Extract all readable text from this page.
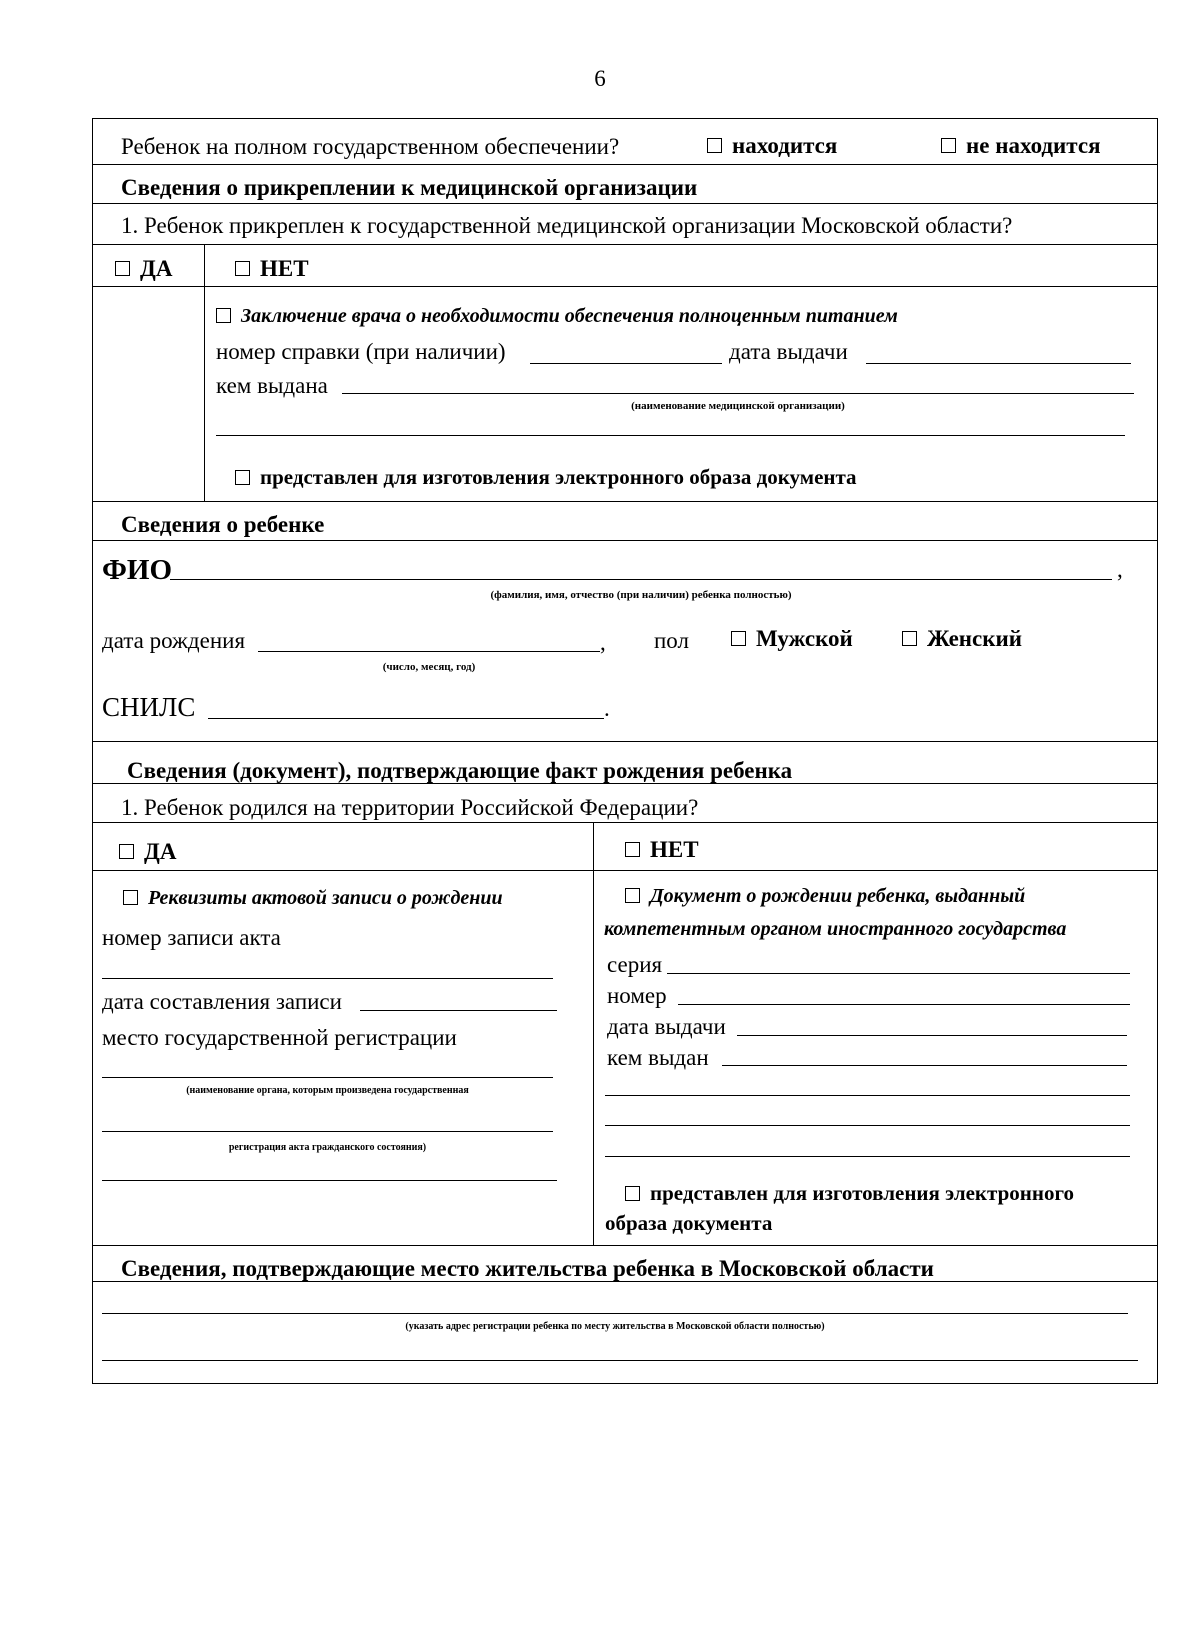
6
Ребенок на полном государственном обеспечении?	находится	не находится
Сведения о прикреплении к медицинской организации
1. Ребенок прикреплен к государственной медицинской организации Московской области?
ДА	НЕТ
Заключение врача о необходимости обеспечения полноценным питанием
номер справки (при наличии)	дата выдачи
кем выдана
(наименование медицинской организации)
представлен для изготовления электронного образа документа
Сведения о ребенке
ФИО	,
(фамилия, имя, отчество (при наличии) ребенка полностью)
дата рождения	,
(число, месяц, год)
пол	Мужской	Женский
СНИЛС	.
Сведения (документ), подтверждающие факт рождения ребенка
1. Ребенок родился на территории Российской Федерации?
ДА	НЕТ
Реквизиты актовой записи о рождении
номер записи акта
дата составления записи
место государственной регистрации
(наименование органа, которым произведена государственная
регистрация акта гражданского состояния)
Документ о рождении ребенка, выданный
компетентным органом иностранного государства
серия
номер
дата выдачи
кем выдан
представлен для изготовления электронного
образа документа
Сведения, подтверждающие место жительства ребенка в Московской области
(указать адрес регистрации ребенка по месту жительства в Московской области полностью)
